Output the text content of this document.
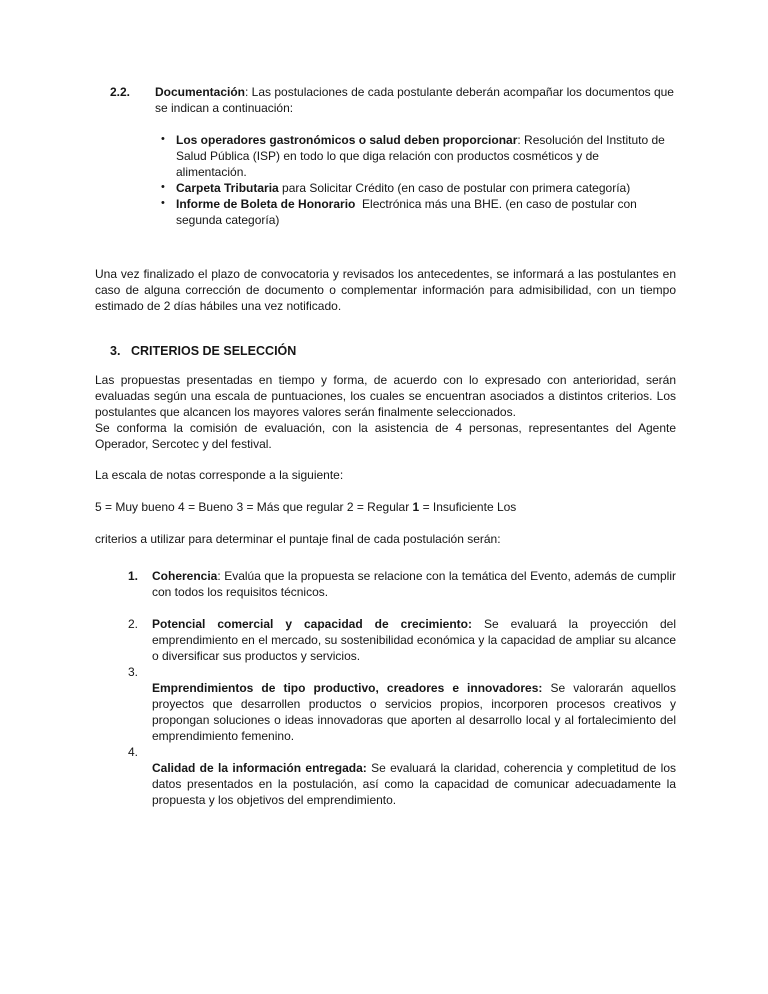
2.2. Documentación: Las postulaciones de cada postulante deberán acompañar los documentos que se indican a continuación:
• Los operadores gastronómicos o salud deben proporcionar: Resolución del Instituto de Salud Pública (ISP) en todo lo que diga relación con productos cosméticos y de alimentación.
• Carpeta Tributaria para Solicitar Crédito (en caso de postular con primera categoría)
• Informe de Boleta de Honorario  Electrónica más una BHE. (en caso de postular con segunda categoría)
Una vez finalizado el plazo de convocatoria y revisados los antecedentes, se informará a las postulantes en caso de alguna corrección de documento o complementar información para admisibilidad, con un tiempo estimado de 2 días hábiles una vez notificado.
3. CRITERIOS DE SELECCIÓN
Las propuestas presentadas en tiempo y forma, de acuerdo con lo expresado con anterioridad, serán evaluadas según una escala de puntuaciones, los cuales se encuentran asociados a distintos criterios. Los postulantes que alcancen los mayores valores serán finalmente seleccionados.
Se conforma la comisión de evaluación, con la asistencia de 4 personas, representantes del Agente Operador, Sercotec y del festival.
La escala de notas corresponde a la siguiente:
5 = Muy bueno 4 = Bueno 3 = Más que regular 2 = Regular 1 = Insuficiente Los
criterios a utilizar para determinar el puntaje final de cada postulación serán:
1. Coherencia: Evalúa que la propuesta se relacione con la temática del Evento, además de cumplir con todos los requisitos técnicos.
2. Potencial comercial y capacidad de crecimiento: Se evaluará la proyección del emprendimiento en el mercado, su sostenibilidad económica y la capacidad de ampliar su alcance o diversificar sus productos y servicios.
3.
Emprendimientos de tipo productivo, creadores e innovadores: Se valorarán aquellos proyectos que desarrollen productos o servicios propios, incorporen procesos creativos y propongan soluciones o ideas innovadoras que aporten al desarrollo local y al fortalecimiento del emprendimiento femenino.
4.
Calidad de la información entregada: Se evaluará la claridad, coherencia y completitud de los datos presentados en la postulación, así como la capacidad de comunicar adecuadamente la propuesta y los objetivos del emprendimiento.
